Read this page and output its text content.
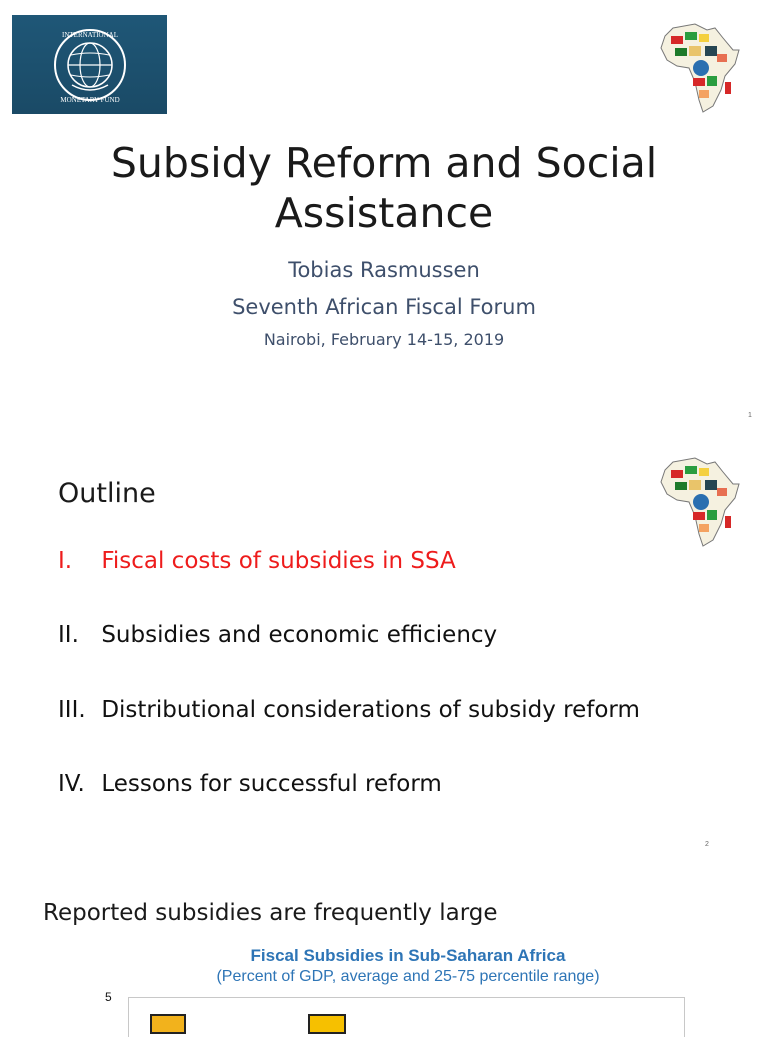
INTERNATIONAL
MONETARY FUND
Subsidy Reform and Social
Assistance
Tobias Rasmussen
Seventh African Fiscal Forum
Nairobi, February 14-15, 2019
1
Outline
I. Fiscal costs of subsidies in SSA
II. Subsidies and economic efficiency
III. Distributional considerations of subsidy reform
IV. Lessons for successful reform
2
Reported subsidies are frequently large
Fiscal Subsidies in Sub-Saharan Africa
(Percent of GDP, average and 25-75 percentile range)
5
